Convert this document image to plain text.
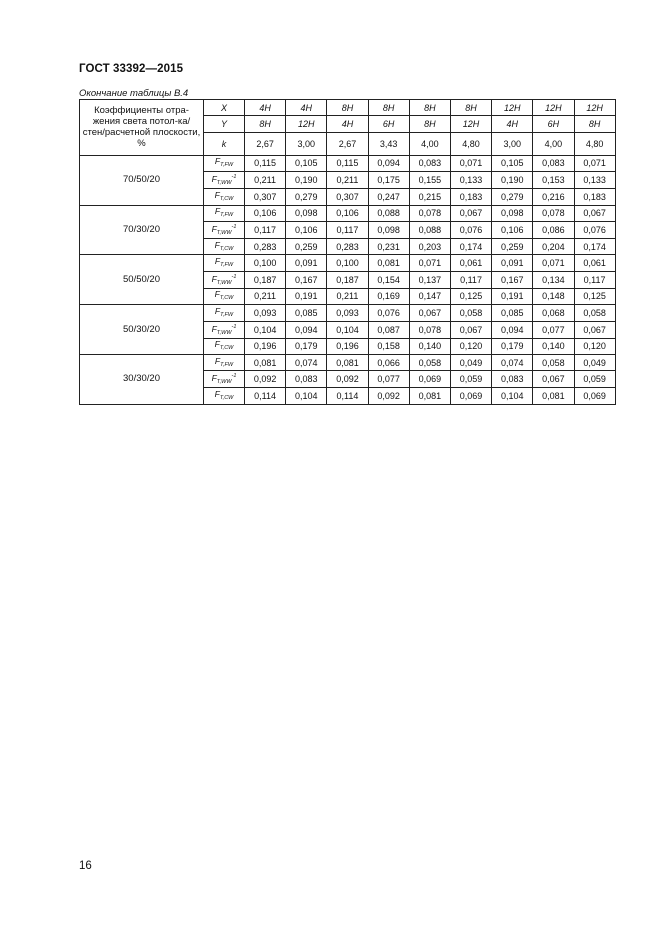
ГОСТ 33392—2015
Окончание таблицы В.4
Коэффициенты отра-жения света потол-ка/стен/расчетной плоскости, %	X	4H	4H	8H	8H	8H	8H	12H	12H	12H
	Y	8H	12H	4H	6H	8H	12H	4H	6H	8H
	k	2,67	3,00	2,67	3,43	4,00	4,80	3,00	4,00	4,80
70/50/20	$F_{Т,FW}$	0,115	0,105	0,115	0,094	0,083	0,071	0,105	0,083	0,071
	$F_{Т,WW}^{-1}$	0,211	0,190	0,211	0,175	0,155	0,133	0,190	0,153	0,133
	$F_{Т,CW}$	0,307	0,279	0,307	0,247	0,215	0,183	0,279	0,216	0,183
70/30/20	$F_{Т,FW}$	0,106	0,098	0,106	0,088	0,078	0,067	0,098	0,078	0,067
	$F_{Т,WW}^{-1}$	0,117	0,106	0,117	0,098	0,088	0,076	0,106	0,086	0,076
	$F_{Т,CW}$	0,283	0,259	0,283	0,231	0,203	0,174	0,259	0,204	0,174
50/50/20	$F_{Т,FW}$	0,100	0,091	0,100	0,081	0,071	0,061	0,091	0,071	0,061
	$F_{Т,WW}^{-1}$	0,187	0,167	0,187	0,154	0,137	0,117	0,167	0,134	0,117
	$F_{Т,CW}$	0,211	0,191	0,211	0,169	0,147	0,125	0,191	0,148	0,125
50/30/20	$F_{Т,FW}$	0,093	0,085	0,093	0,076	0,067	0,058	0,085	0,068	0,058
	$F_{Т,WW}^{-1}$	0,104	0,094	0,104	0,087	0,078	0,067	0,094	0,077	0,067
	$F_{Т,CW}$	0,196	0,179	0,196	0,158	0,140	0,120	0,179	0,140	0,120
30/30/20	$F_{Т,FW}$	0,081	0,074	0,081	0,066	0,058	0,049	0,074	0,058	0,049
	$F_{Т,WW}^{-1}$	0,092	0,083	0,092	0,077	0,069	0,059	0,083	0,067	0,059
	$F_{Т,CW}$	0,114	0,104	0,114	0,092	0,081	0,069	0,104	0,081	0,069
16
